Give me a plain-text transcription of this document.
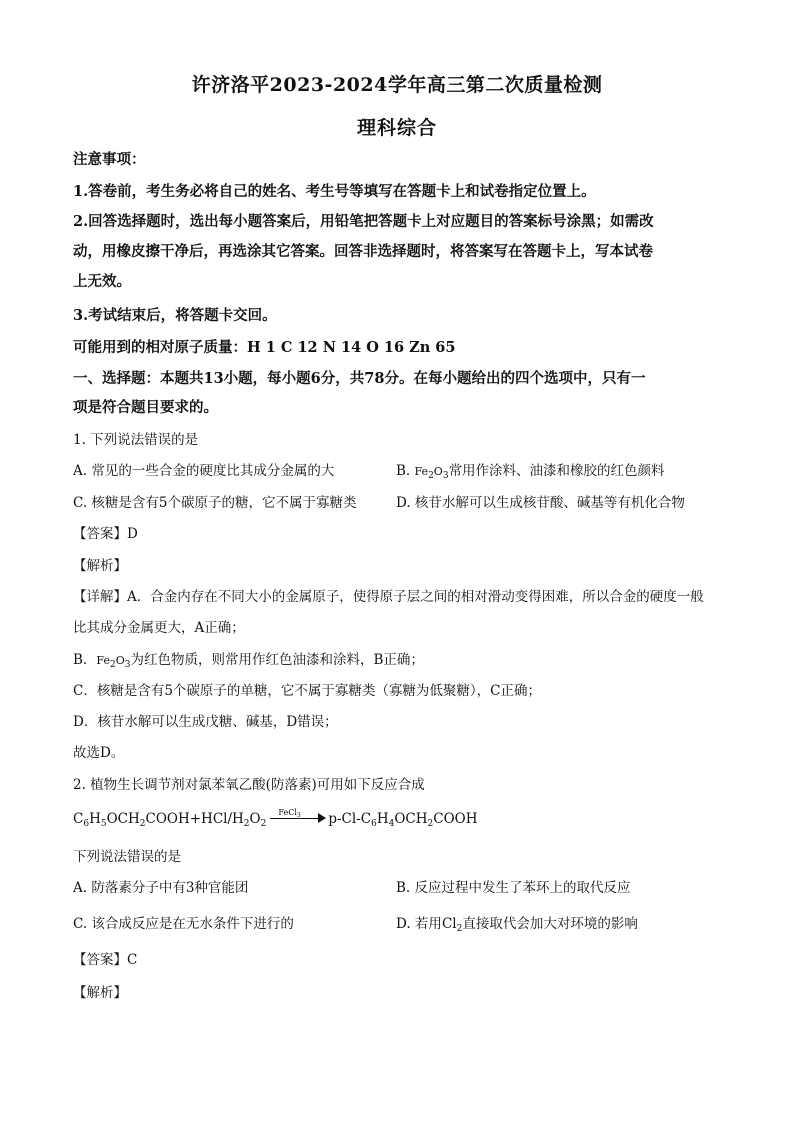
许济洛平2023-2024学年高三第二次质量检测
理科综合
注意事项：
1.答卷前，考生务必将自己的姓名、考生号等填写在答题卡上和试卷指定位置上。
2.回答选择题时，选出每小题答案后，用铅笔把答题卡上对应题目的答案标号涂黑；如需改
动，用橡皮擦干净后，再选涂其它答案。回答非选择题时，将答案写在答题卡上，写本试卷
上无效。
3.考试结束后，将答题卡交回。
可能用到的相对原子质量：H 1 C 12 N 14 O 16 Zn 65
一、选择题：本题共13小题，每小题6分，共78分。在每小题给出的四个选项中，只有一
项是符合题目要求的。
1. 下列说法错误的是
A. 常见的一些合金的硬度比其成分金属的大	B. $Fe_2O_3$常用作涂料、油漆和橡胶的红色颜料
C. 核糖是含有5个碳原子的糖，它不属于寡糖类	D. 核苷水解可以生成核苷酸、碱基等有机化合物
【答案】D
【解析】
【详解】A．合金内存在不同大小的金属原子，使得原子层之间的相对滑动变得困难，所以合金的硬度一般
比其成分金属更大，A正确；
B．$Fe_2O_3$为红色物质，则常用作红色油漆和涂料，B正确；
C．核糖是含有5个碳原子的单糖，它不属于寡糖类（寡糖为低聚糖），C正确；
D．核苷水解可以生成戊糖、碱基，D错误；
故选D。
2. 植物生长调节剂对氯苯氧乙酸(防落素)可用如下反应合成
$C_6H_5OCH_2COOH+HCl/H_2O_2$
FeCl$_3$ $p-Cl-C_6H_4OCH_2COOH$
下列说法错误的是
A. 防落素分子中有3种官能团	B. 反应过程中发生了苯环上的取代反应
C. 该合成反应是在无水条件下进行的	D. 若用$Cl_2$直接取代会加大对环境的影响
【答案】C
【解析】
